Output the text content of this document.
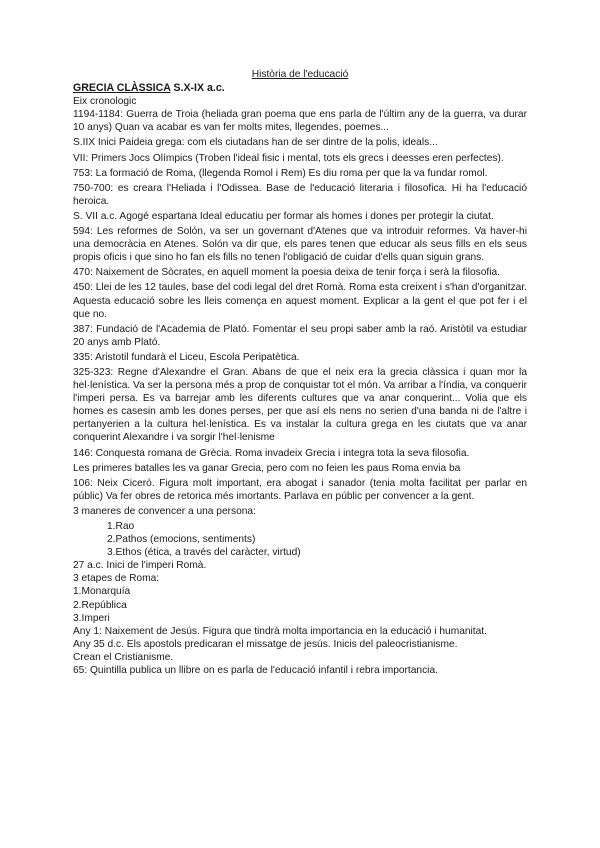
Història de l'educació
GRECIA CLÀSSICA S.X-IX a.c.
Eix cronologic

1194-1184: Guerra de Troia (heliada gran poema que ens parla de l'últim any de la guerra, va durar 10 anys) Quan va acabar es van fer molts mites, llegendes, poemes...

S.IIX Inici Paideia grega: com els ciutadans han de ser dintre de la polis, ideals...

VII: Primers Jocs Olímpics (Troben l'ideal fisic i mental, tots els grecs i deesses eren perfectes).

753: La formació de Roma, (llegenda Romol i Rem) Es diu roma per que la va fundar romol.

750-700: es creara l'Heliada i l'Odissea. Base de l'educació literaria i filosofica. Hi ha l'educació heroica.

S. VII a.c. Agogé espartana Ideal educatiu per formar als homes i dones per protegir la ciutat.

594: Les reformes de Solón, va ser un governant d'Atenes que va introduir reformes. Va haver-hi una democràcia en Atenes. Solón va dir que, els pares tenen que educar als seus fills en els seus propis oficis i que sino ho fan els fills no tenen l'obligació de cuidar d'ells quan siguin grans.

470: Naixement de Sòcrates, en aquell moment la poesia deixa de tenir força i serà la filosofia.

450: Llei de les 12 taules, base del codi legal del dret Romà. Roma esta creixent i s'han d'organitzar. Aquesta educació sobre les lleis comença en aquest moment. Explicar a la gent el que pot fer i el que no.

387: Fundació de l'Academia de Plató. Fomentar el seu propi saber amb la raó. Aristòtil va estudiar 20 anys amb Plató.

335: Aristotil fundarà el Liceu, Escola Peripatètica.

325-323: Regne d'Alexandre el Gran. Abans de que el neix era la grecia clàssica i quan mor la hel·lenística. Va ser la persona més a prop de conquistar tot el món. Va arribar a l'índia, va conquerir l'imperi persa. Es va barrejar amb les diferents cultures que va anar conquerint... Volia que els homes es casesin amb les dones perses, per que así els nens no serien d'una banda ni de l'altre i pertanyerien a la cultura hel·lenística. Es va instalar la cultura grega en les ciutats que va anar conquerint Alexandre i va sorgir l'hel·lenisme

146: Conquesta romana de Grècia. Roma invadeix Grecia i integra tota la seva filosofia.

Les primeres batalles les va ganar Grecia, pero com no feien les paus Roma envia ba

106: Neix Ciceró. Figura molt important, era abogat i sanador (tenia molta facilitat per parlar en públic) Va fer obres de retorica més imortants. Parlava en públic per convencer a la gent.

3 maneres de convencer a una persona:

1.Rao
2.Pathos (emocions, sentiments)
3.Ethos (ética, a través del caràcter, virtud)
27 a.c. Inici de l'imperi Romà.
3 etapes de Roma:
1.Monarquía
2.República
3.Imperi
Any 1: Naixement de Jesús. Figura que tindrà molta importancia en la educació i humanitat.
Any 35 d.c. Els apostols predicaran el missatge de jesús. Inicis del paleocristianisme.
Crean el Cristianisme.
65: Quintilla publica un llibre on es parla de l'educació infantil i rebra importancia.
